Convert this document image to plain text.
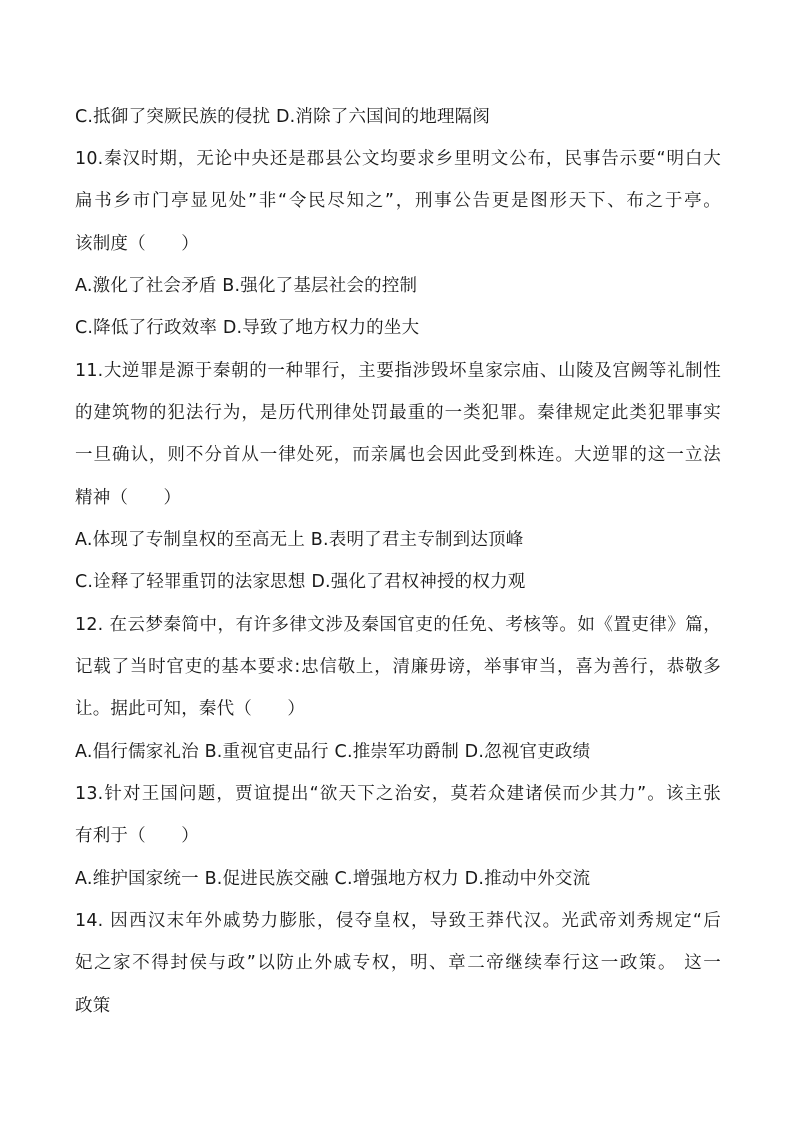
C.抵御了突厥民族的侵扰 D.消除了六国间的地理隔阂
10.秦汉时期，无论中央还是郡县公文均要求乡里明文公布，民事告示要“明白大
扁书乡市门亭显见处”非“令民尽知之”，刑事公告更是图形天下、布之于亭。
该制度（　　）
A.激化了社会矛盾 B.强化了基层社会的控制
C.降低了行政效率 D.导致了地方权力的坐大
11.大逆罪是源于秦朝的一种罪行，主要指涉毁坏皇家宗庙、山陵及宫阙等礼制性
的建筑物的犯法行为，是历代刑律处罚最重的一类犯罪。秦律规定此类犯罪事实
一旦确认，则不分首从一律处死，而亲属也会因此受到株连。大逆罪的这一立法
精神（　　）
A.体现了专制皇权的至高无上 B.表明了君主专制到达顶峰
C.诠释了轻罪重罚的法家思想 D.强化了君权神授的权力观
12. 在云梦秦简中，有许多律文涉及秦国官吏的任免、考核等。如《置吏律》篇，
记载了当时官吏的基本要求:忠信敬上，清廉毋谤，举事审当，喜为善行，恭敬多
让。据此可知，秦代（　　）
A.倡行儒家礼治 B.重视官吏品行 C.推崇军功爵制 D.忽视官吏政绩
13.针对王国问题，贾谊提出“欲天下之治安，莫若众建诸侯而少其力”。该主张
有利于（　　）
A.维护国家统一 B.促进民族交融 C.增强地方权力 D.推动中外交流
14. 因西汉末年外戚势力膨胀，侵夺皇权，导致王莽代汉。光武帝刘秀规定“后
妃之家不得封侯与政”以防止外戚专权，明、章二帝继续奉行这一政策。 这一
政策
